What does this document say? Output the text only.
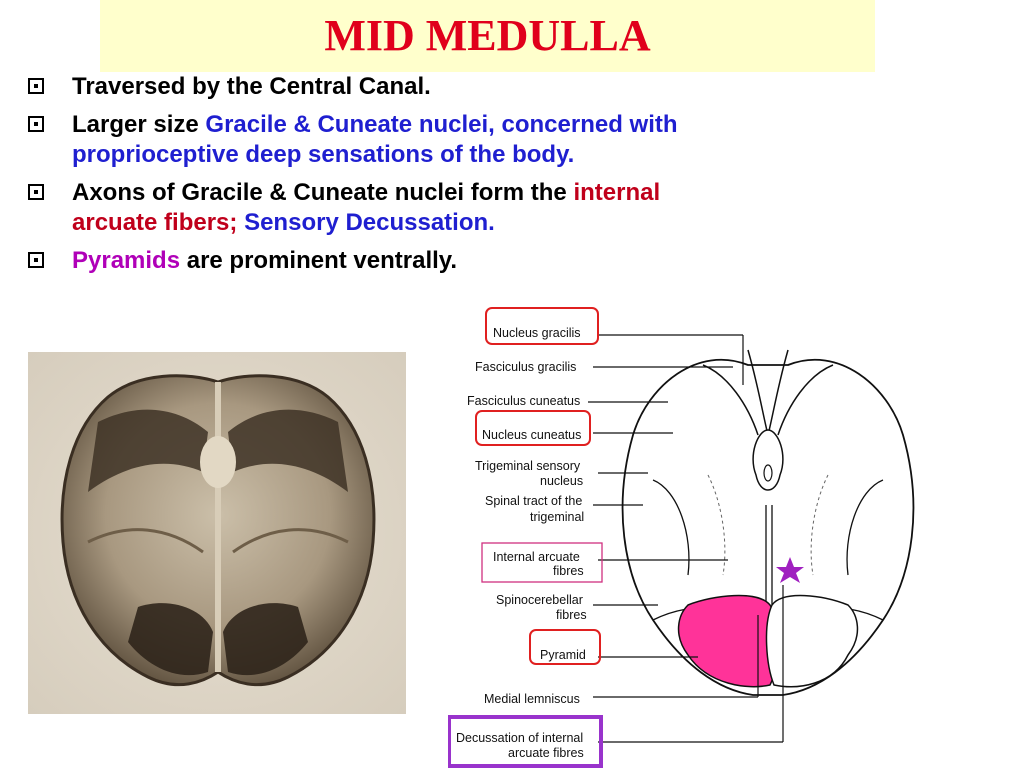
MID MEDULLA
Traversed by the Central Canal.
Larger size Gracile & Cuneate nuclei, concerned with proprioceptive deep sensations of the body.
Axons of Gracile & Cuneate nuclei form the internal arcuate fibers; Sensory Decussation.
Pyramids are prominent ventrally.
Nucleus gracilis
Fasciculus gracilis
Fasciculus cuneatus
Nucleus cuneatus
Trigeminal sensory
nucleus
Spinal tract of the
trigeminal
Internal arcuate
fibres
Spinocerebellar
fibres
Pyramid
Medial lemniscus
Decussation of internal
arcuate fibres
